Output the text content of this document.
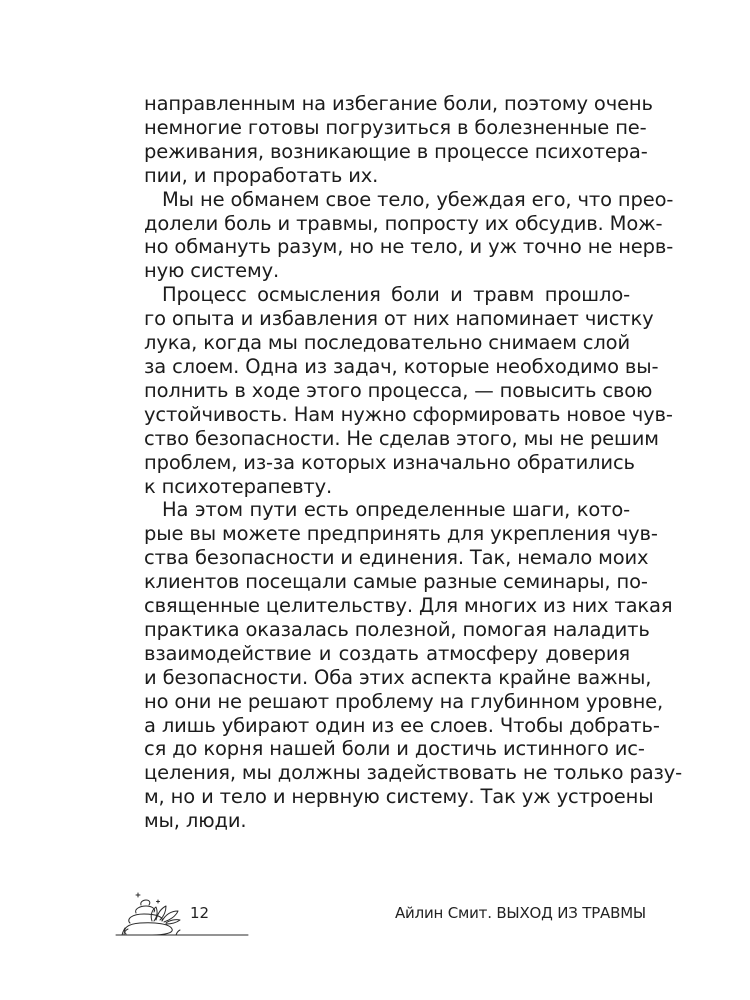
направленным на избегание боли, поэтому очень
немногие готовы погрузиться в болезненные пе-
реживания, возникающие в процессе психотера-
пии, и проработать их.
Мы не обманем свое тело, убеждая его, что прео-
долели боль и травмы, попросту их обсудив. Мож-
но обмануть разум, но не тело, и уж точно не нерв-
ную систему.
Процесс осмысления боли и травм прошло-
го опыта и избавления от них напоминает чистку
лука, когда мы последовательно снимаем слой
за слоем. Одна из задач, которые необходимо вы-
полнить в ходе этого процесса, — повысить свою
устойчивость. Нам нужно сформировать новое чув-
ство безопасности. Не сделав этого, мы не решим
проблем, из-за которых изначально обратились
к психотерапевту.
На этом пути есть определенные шаги, кото-
рые вы можете предпринять для укрепления чув-
ства безопасности и единения. Так, немало моих
клиентов посещали самые разные семинары, по-
священные целительству. Для многих из них такая
практика оказалась полезной, помогая наладить
взаимодействие и создать атмосферу доверия
и безопасности. Оба этих аспекта крайне важны,
но они не решают проблему на глубинном уровне,
а лишь убирают один из ее слоев. Чтобы добрать-
ся до корня нашей боли и достичь истинного ис-
целения, мы должны задействовать не только разу-
м, но и тело и нервную систему. Так уж устроены
мы, люди.
12	Айлин Смит. ВЫХОД ИЗ ТРАВМЫ
